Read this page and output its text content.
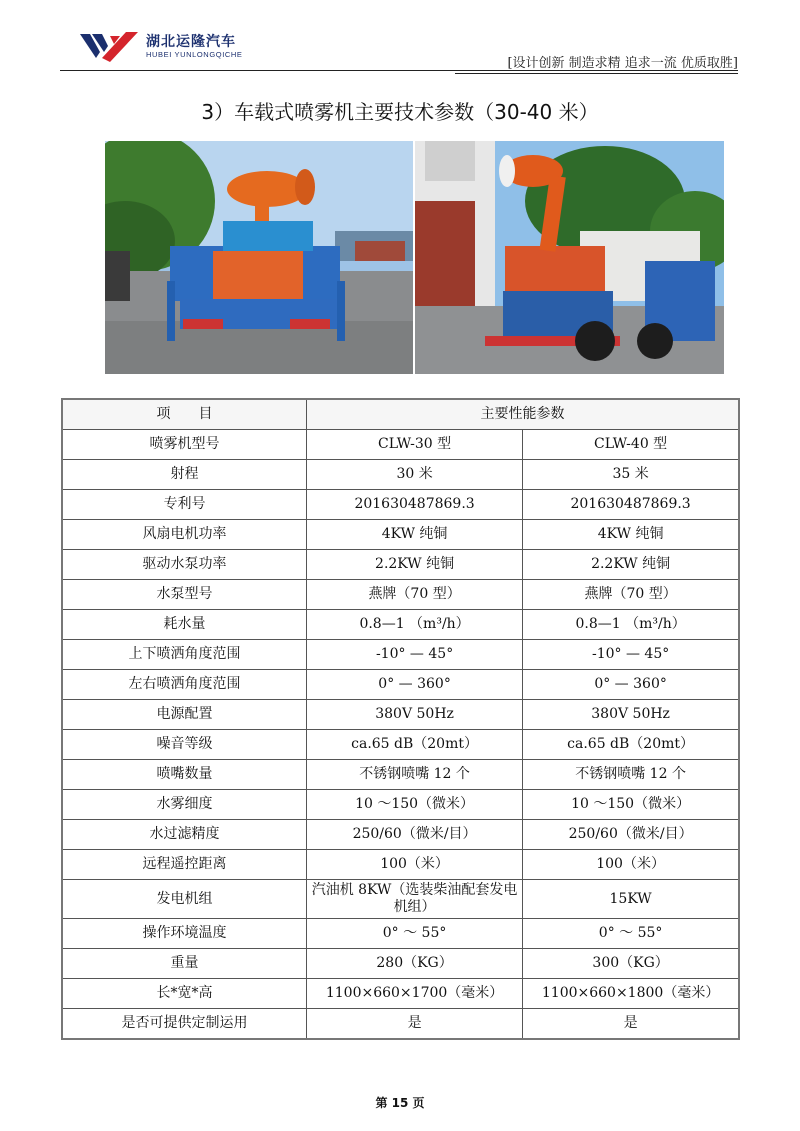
湖北运隆汽车
HUBEI YUNLONGQICHE
[设计创新 制造求精 追求一流 优质取胜]
3）车载式喷雾机主要技术参数（30-40 米）
项　　目	主要性能参数	
喷雾机型号	CLW-30 型	CLW-40 型
射程	30 米	35 米
专利号	201630487869.3	201630487869.3
风扇电机功率	4KW 纯铜	4KW 纯铜
驱动水泵功率	2.2KW 纯铜	2.2KW 纯铜
水泵型号	燕牌（70 型）	燕牌（70 型）
耗水量	0.8—1 （m³/h）	0.8—1 （m³/h）
上下喷洒角度范围	-10° — 45°	-10° — 45°
左右喷洒角度范围	0° — 360°	0° — 360°
电源配置	380V 50Hz	380V 50Hz
噪音等级	ca.65 dB（20mt）	ca.65 dB（20mt）
喷嘴数量	不锈钢喷嘴 12 个	不锈钢喷嘴 12 个
水雾细度	10 ～150（微米）	10 ～150（微米）
水过滤精度	250/60（微米/目）	250/60（微米/目）
远程遥控距离	100（米）	100（米）
发电机组	汽油机 8KW（选装柴油配套发电机组）	15KW
操作环境温度	0° ～ 55°	0° ～ 55°
重量	280（KG）	300（KG）
长*宽*高	1100×660×1700（毫米）	1100×660×1800（毫米）
是否可提供定制运用	是	是
第 15 页
